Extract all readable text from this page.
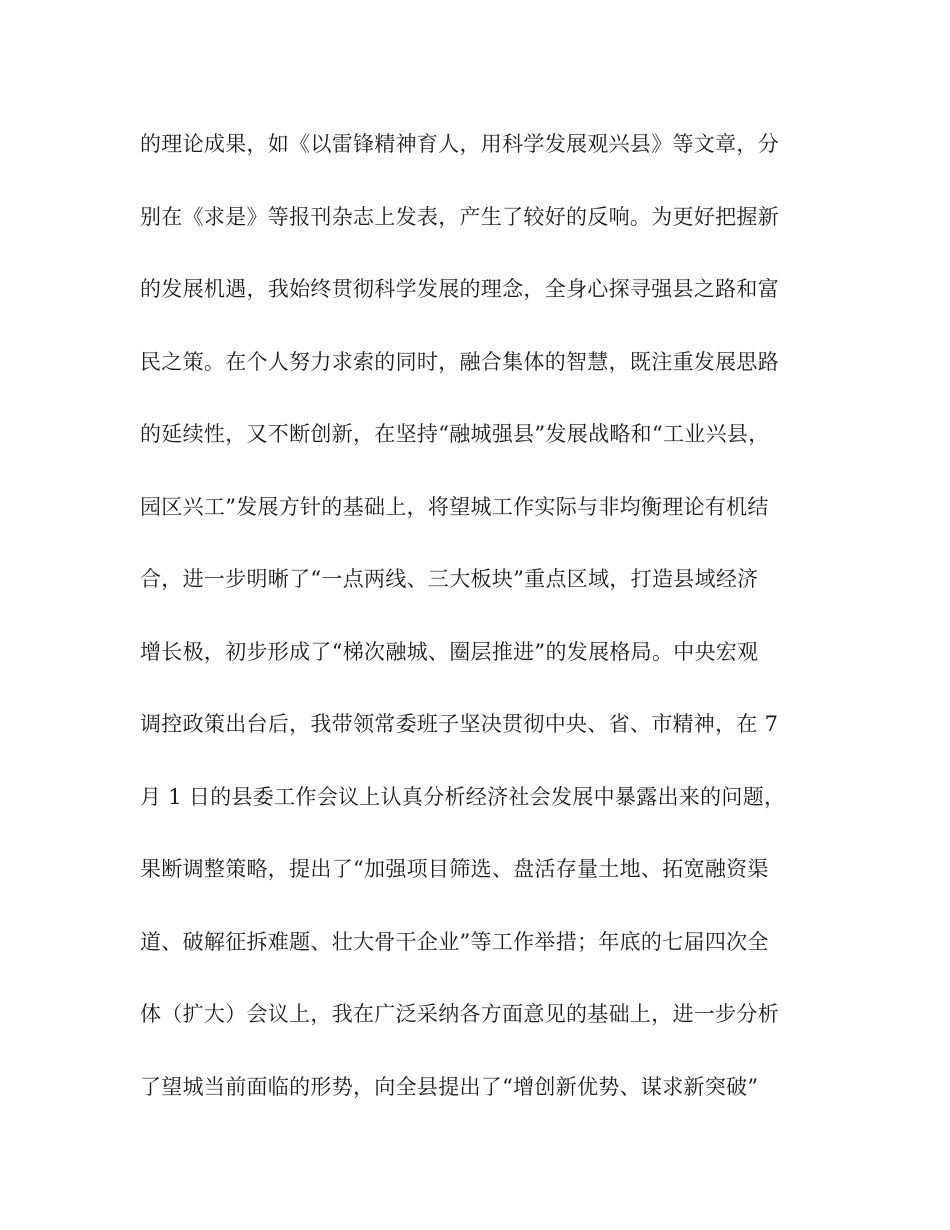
的理论成果，如《以雷锋精神育人，用科学发展观兴县》等文章，分
别在《求是》等报刊杂志上发表，产生了较好的反响。为更好把握新
的发展机遇，我始终贯彻科学发展的理念，全身心探寻强县之路和富
民之策。在个人努力求索的同时，融合集体的智慧，既注重发展思路
的延续性，又不断创新，在坚持“融城强县”发展战略和“工业兴县，
园区兴工”发展方针的基础上，将望城工作实际与非均衡理论有机结
合，进一步明晰了“一点两线、三大板块”重点区域，打造县域经济
增长极，初步形成了“梯次融城、圈层推进”的发展格局。中央宏观
调控政策出台后，我带领常委班子坚决贯彻中央、省、市精神，在 7
月 1 日的县委工作会议上认真分析经济社会发展中暴露出来的问题，
果断调整策略，提出了“加强项目筛选、盘活存量土地、拓宽融资渠
道、破解征拆难题、壮大骨干企业”等工作举措；年底的七届四次全
体（扩大）会议上，我在广泛采纳各方面意见的基础上，进一步分析
了望城当前面临的形势，向全县提出了“增创新优势、谋求新突破”
